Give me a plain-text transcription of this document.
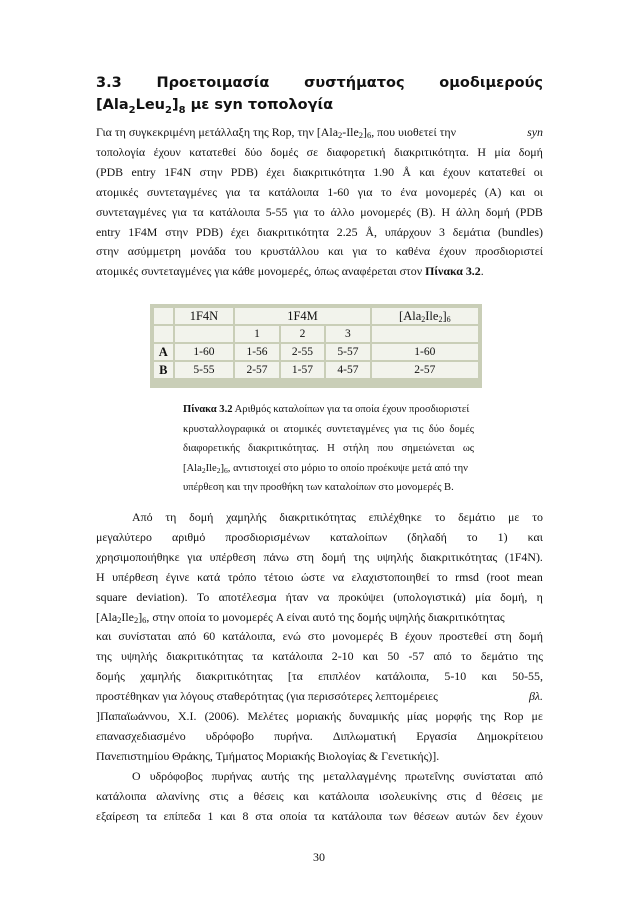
3.3 Προετοιμασία συστήματος ομοδιμερούς
$[Ala_2Leu_2]_8$ με syn τοπολογία
Για τη συγκεκριμένη μετάλλαξη της Rop, την $[Ala_2-Ile_2]_6$, που υιοθετεί την	syn
τοπολογία έχουν κατατεθεί δύο δομές σε διαφορετική διακριτικότητα. Η μία δομή
(PDB entry 1F4N στην PDB) έχει διακριτικότητα 1.90 Å και έχουν κατατεθεί οι
ατομικές συντεταγμένες για τα κατάλοιπα 1-60 για το ένα μονομερές (Α) και οι
συντεταγμένες για τα κατάλοιπα 5-55 για το άλλο μονομερές (Β). Η άλλη δομή (PDB
entry 1F4M στην PDB) έχει διακριτικότητα 2.25 Å, υπάρχουν 3 δεμάτια (bundles)
στην ασύμμετρη μονάδα του κρυστάλλου και για το καθένα έχουν προσδιοριστεί
ατομικές συντεταγμένες για κάθε μονομερές, όπως αναφέρεται στον Πίνακα 3.2.
	1F4N	1F4M			$[Ala_2Ile_2]_6$
		1	2	3	
A	1-60	1-56	2-55	5-57	1-60
B	5-55	2-57	1-57	4-57	2-57
Πίνακα 3.2 Αριθμός καταλοίπων για τα οποία έχουν προσδιοριστεί
κρυσταλλογραφικά οι ατομικές συντεταγμένες για τις δύο δομές
διαφορετικής διακριτικότητας. Η στήλη που σημειώνεται ως
$[Ala_2Ile_2]_6$, αντιστοιχεί στο μόριο το οποίο προέκυψε μετά από την
υπέρθεση και την προσθήκη των καταλοίπων στο μονομερές B.
Από τη δομή χαμηλής διακριτικότητας επιλέχθηκε το δεμάτιο με το
μεγαλύτερο αριθμό προσδιορισμένων καταλοίπων (δηλαδή το 1) και
χρησιμοποιήθηκε για υπέρθεση πάνω στη δομή της υψηλής διακριτικότητας (1F4N).
Η υπέρθεση έγινε κατά τρόπο τέτοιο ώστε να ελαχιστοποιηθεί το rmsd (root mean
square deviation). Το αποτέλεσμα ήταν να προκύψει (υπολογιστικά) μία δομή, η
$[Ala_2Ile_2]_6$, στην οποία το μονομερές A είναι αυτό της δομής υψηλής διακριτικότητας
και συνίσταται από 60 κατάλοιπα, ενώ στο μονομερές B έχουν προστεθεί στη δομή
της υψηλής διακριτικότητας τα κατάλοιπα 2-10 και 50 -57 από το δεμάτιο της
δομής χαμηλής διακριτικότητας [τα επιπλέον κατάλοιπα, 5-10 και 50-55,
προστέθηκαν για λόγους σταθερότητας (για περισσότερες λεπτομέρειες	βλ.
]Παπαϊωάννου, Χ.Ι. (2006). Μελέτες μοριακής δυναμικής μίας μορφής της Rop με
επανασχεδιασμένο υδρόφοβο πυρήνα. Διπλωματική Εργασία Δημοκρίτειου
Πανεπιστημίου Θράκης, Τμήματος Μοριακής Βιολογίας & Γενετικής)].
Ο υδρόφοβος πυρήνας αυτής της μεταλλαγμένης πρωτεΐνης συνίσταται από
κατάλοιπα αλανίνης στις a θέσεις και κατάλοιπα ισολευκίνης στις d θέσεις με
εξαίρεση τα επίπεδα 1 και 8 στα οποία τα κατάλοιπα των θέσεων αυτών δεν έχουν
30
